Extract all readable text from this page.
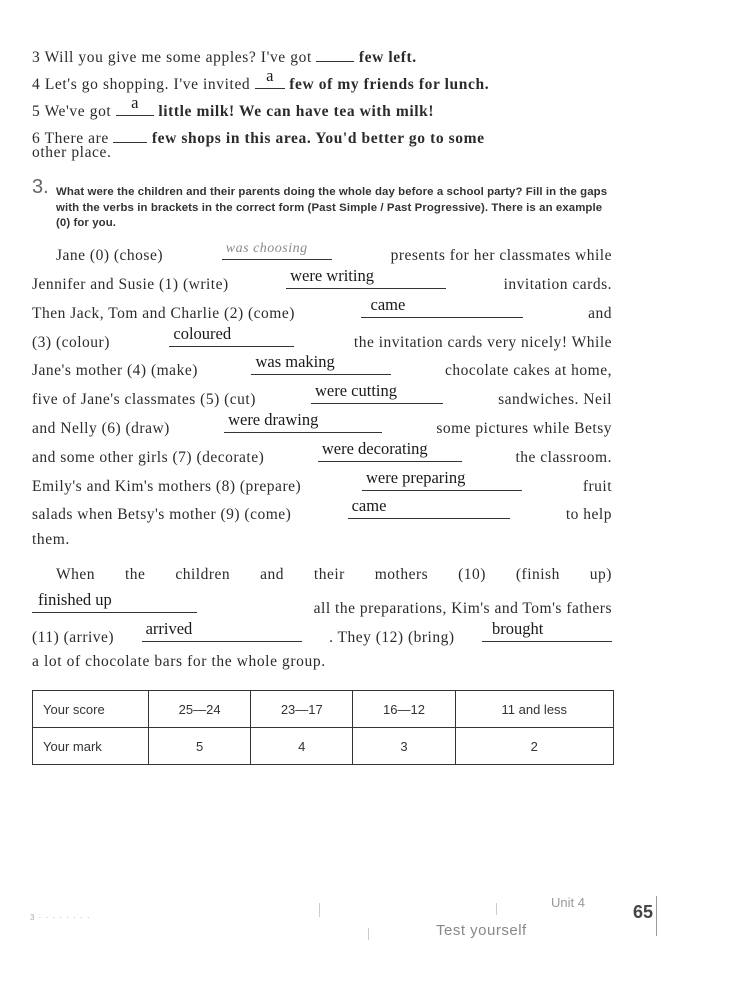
3 Will you give me some apples? I've got	few left.
4 Let's go shopping. I've invited a	few of my friends for lunch.
5 We've got	a	little milk! We can have tea with milk!
6 There are	few shops in this area. You'd better go to some
other place.
3. What were the children and their parents doing the whole day before a school party? Fill in the gaps with the verbs in brackets in the correct form (Past Simple / Past Progressive). There is an example (0) for you.
Jane (0) (chose)	was choosing	presents for her classmates while
Jennifer and Susie (1) (write)	were writing	invitation cards.
Then Jack, Tom and Charlie (2) (come)	came	and
(3) (colour)	coloured	the invitation cards very nicely! While
Jane's mother (4) (make)	was making	chocolate cakes at home,
five of Jane's classmates (5) (cut)	were cutting	sandwiches. Neil
and Nelly (6) (draw)	were drawing	some pictures while Betsy
and some other girls (7) (decorate)	were decorating	the classroom.
Emily's and Kim's mothers (8) (prepare)	were preparing	fruit
salads when Betsy's mother (9) (come)	came	to help
them.
When the children and their mothers (10) (finish up)
finished up	all the preparations, Kim's and Tom's fathers
(11) (arrive) arrived	. They (12) (bring) brought
a lot of chocolate bars for the whole group.
Your score	25—24	23—17	16—12	11 and less
Your mark	5	4	3	2
3 · · · · · · · ·
Unit 4
Test yourself
65
